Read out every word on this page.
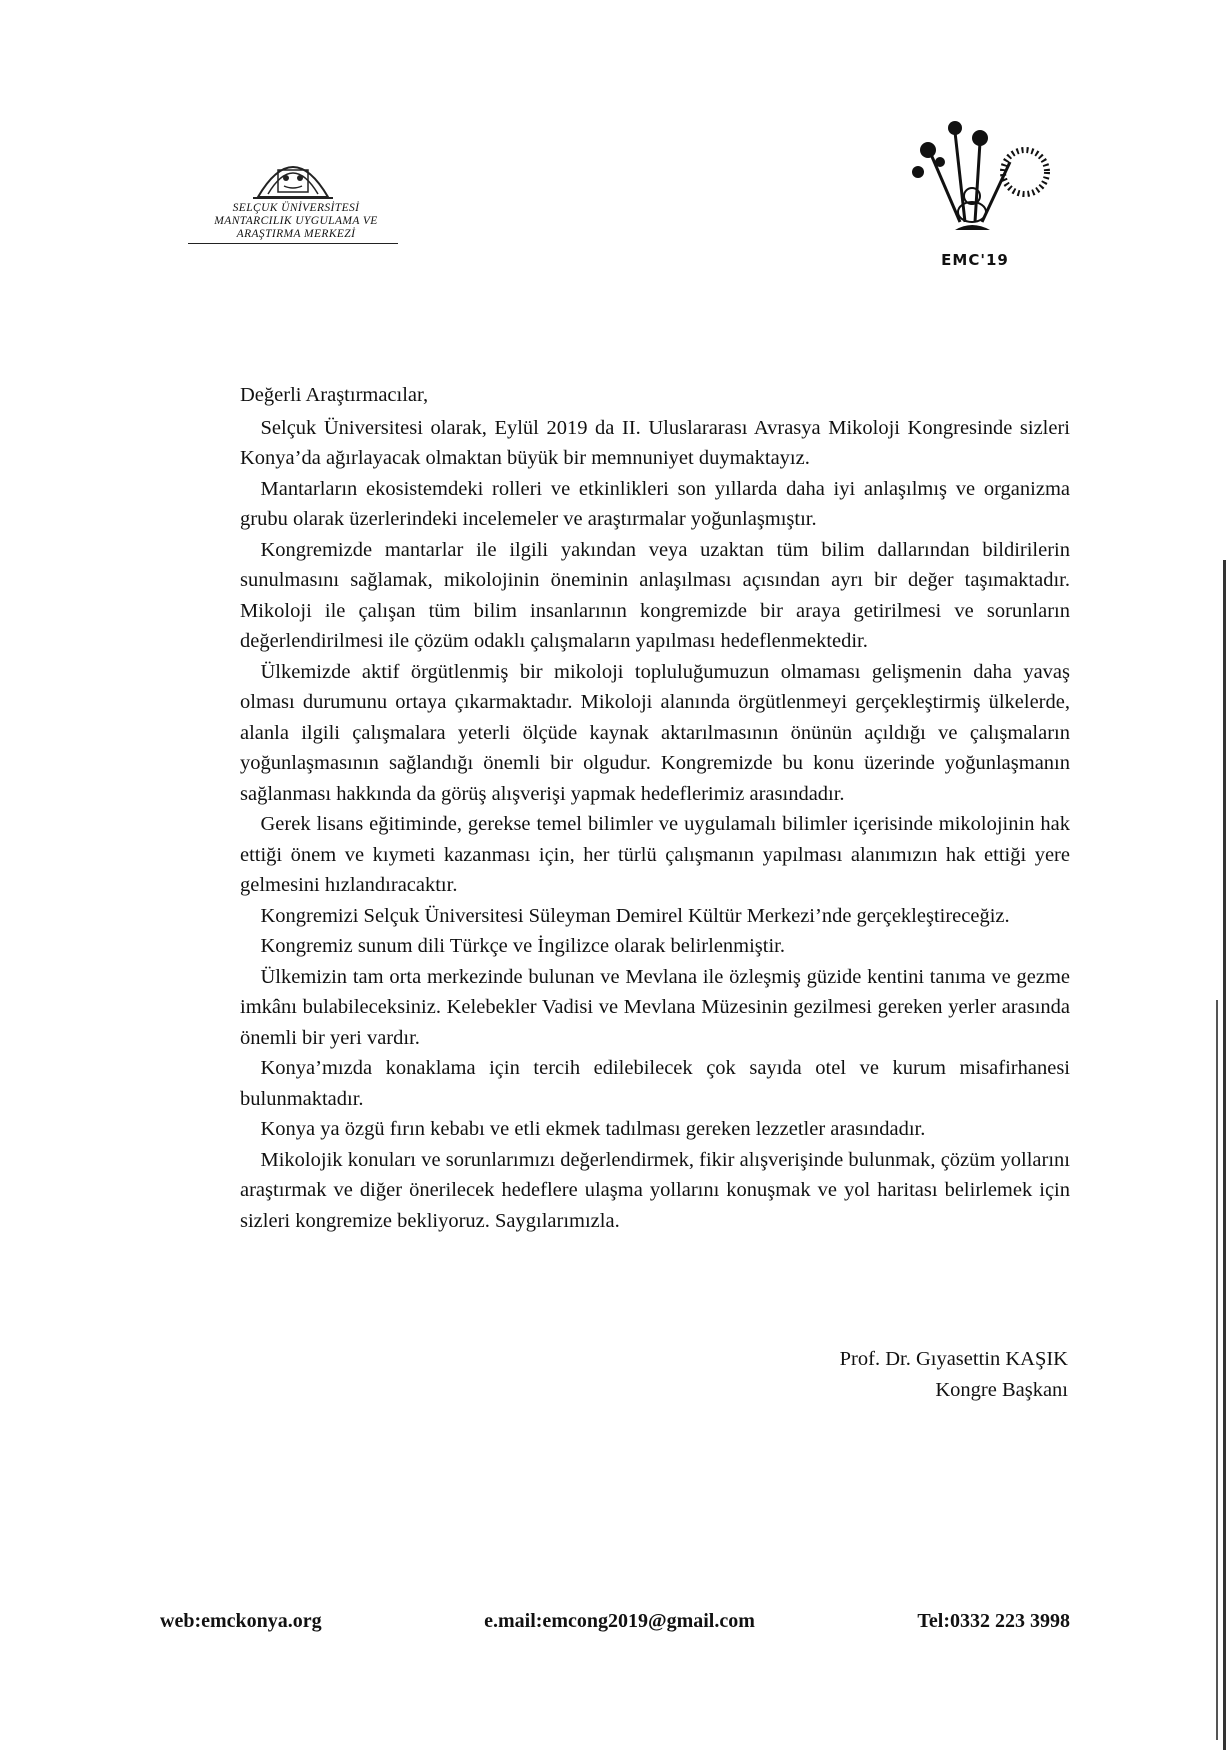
SELÇUK ÜNİVERSİTESİ
MANTARCILIK UYGULAMA VE
ARAŞTIRMA MERKEZİ
EMC'19

Değerli Araştırmacılar,

 Selçuk Üniversitesi olarak, Eylül 2019 da II. Uluslararası Avrasya Mikoloji Kongresinde sizleri Konya’da ağırlayacak olmaktan büyük bir memnuniyet duymaktayız.

 Mantarların ekosistemdeki rolleri ve etkinlikleri son yıllarda daha iyi anlaşılmış ve organizma grubu olarak üzerlerindeki incelemeler ve araştırmalar yoğunlaşmıştır.

 Kongremizde mantarlar ile ilgili yakından veya uzaktan tüm bilim dallarından bildirilerin sunulmasını sağlamak, mikolojinin öneminin anlaşılması açısından ayrı bir değer taşımaktadır. Mikoloji ile çalışan tüm bilim insanlarının kongremizde bir araya getirilmesi ve sorunların değerlendirilmesi ile çözüm odaklı çalışmaların yapılması hedeflenmektedir.

 Ülkemizde aktif örgütlenmiş bir mikoloji topluluğumuzun olmaması gelişmenin daha yavaş olması durumunu ortaya çıkarmaktadır. Mikoloji alanında örgütlenmeyi gerçekleştirmiş ülkelerde, alanla ilgili çalışmalara yeterli ölçüde kaynak aktarılmasının önünün açıldığı ve çalışmaların yoğunlaşmasının sağlandığı önemli bir olgudur. Kongremizde bu konu üzerinde yoğunlaşmanın sağlanması hakkında da görüş alışverişi yapmak hedeflerimiz arasındadır.

 Gerek lisans eğitiminde, gerekse temel bilimler ve uygulamalı bilimler içerisinde mikolojinin hak ettiği önem ve kıymeti kazanması için, her türlü çalışmanın yapılması alanımızın hak ettiği yere gelmesini hızlandıracaktır.

 Kongremizi Selçuk Üniversitesi Süleyman Demirel Kültür Merkezi’nde gerçekleştireceğiz.

 Kongremiz sunum dili Türkçe ve İngilizce olarak belirlenmiştir.

 Ülkemizin tam orta merkezinde bulunan ve Mevlana ile özleşmiş güzide kentini tanıma ve gezme imkânı bulabileceksiniz. Kelebekler Vadisi ve Mevlana Müzesinin gezilmesi gereken yerler arasında önemli bir yeri vardır.

 Konya’mızda konaklama için tercih edilebilecek çok sayıda otel ve kurum misafirhanesi bulunmaktadır.

 Konya ya özgü fırın kebabı ve etli ekmek tadılması gereken lezzetler arasındadır.

 Mikolojik konuları ve sorunlarımızı değerlendirmek, fikir alışverişinde bulunmak, çözüm yollarını araştırmak ve diğer önerilecek hedeflere ulaşma yollarını konuşmak ve yol haritası belirlemek için sizleri kongremize bekliyoruz. Saygılarımızla.

Prof. Dr. Gıyasettin KAŞIK
Kongre Başkanı
web:emckonya.org	e.mail:emcong2019@gmail.com	Tel:0332 223 3998
